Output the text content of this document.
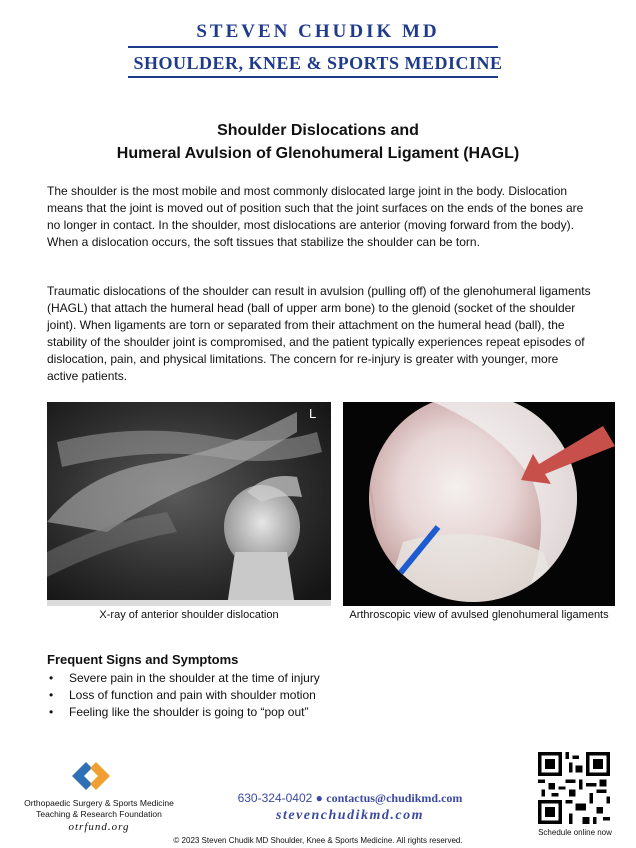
STEVEN CHUDIK MD
SHOULDER, KNEE & SPORTS MEDICINE
Shoulder Dislocations and
Humeral Avulsion of Glenohumeral Ligament (HAGL)

The shoulder is the most mobile and most commonly dislocated large joint in the body. Dislocation means that the joint is moved out of position such that the joint surfaces on the ends of the bones are no longer in contact. In the shoulder, most dislocations are anterior (moving forward from the body). When a dislocation occurs, the soft tissues that stabilize the shoulder can be torn.

Traumatic dislocations of the shoulder can result in avulsion (pulling off) of the glenohumeral ligaments (HAGL) that attach the humeral head (ball of upper arm bone) to the glenoid (socket of the shoulder joint). When ligaments are torn or separated from their attachment on the humeral head (ball), the stability of the shoulder joint is compromised, and the patient typically experiences repeat episodes of dislocation, pain, and physical limitations. The concern for re-injury is greater with younger, more active patients.

L
X-ray of anterior shoulder dislocation	Arthroscopic view of avulsed glenohumeral ligaments
Frequent Signs and Symptoms
• Severe pain in the shoulder at the time of injury
• Loss of function and pain with shoulder motion
• Feeling like the shoulder is going to “pop out”
Orthopaedic Surgery & Sports Medicine
Teaching & Research Foundation
otrfund.org
630-324-0402 ● contactus@chudikmd.com
stevenchudikmd.com
Schedule online now
© 2023 Steven Chudik MD Shoulder, Knee & Sports Medicine. All rights reserved.
